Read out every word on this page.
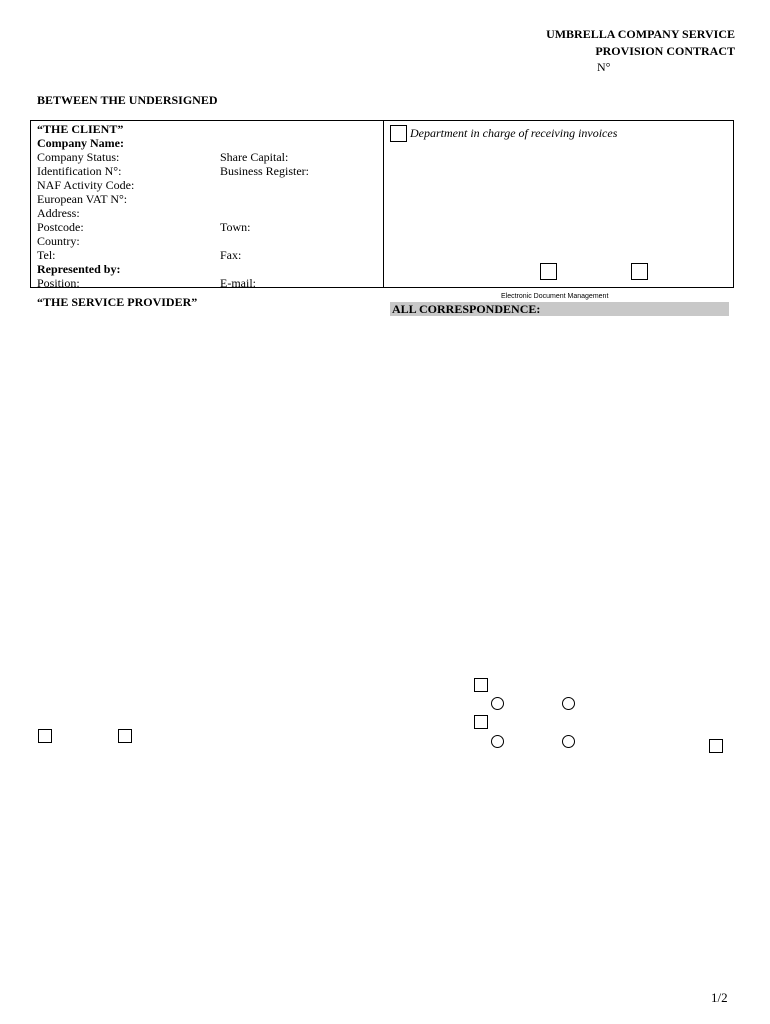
UMBRELLA COMPANY SERVICE
PROVISION CONTRACT
N°
BETWEEN THE UNDERSIGNED
“THE CLIENT”
Company Name:
Company Status:	Share Capital:
Identification N°:	Business Register:
NAF Activity Code:
European VAT N°:
Address:
Postcode:	Town:
Country:
Tel:	Fax:
Represented by:
Position:	E-mail:
Department in charge of receiving invoices
Electronic Document Management
“THE SERVICE PROVIDER”	ALL CORRESPONDENCE:
1/2
